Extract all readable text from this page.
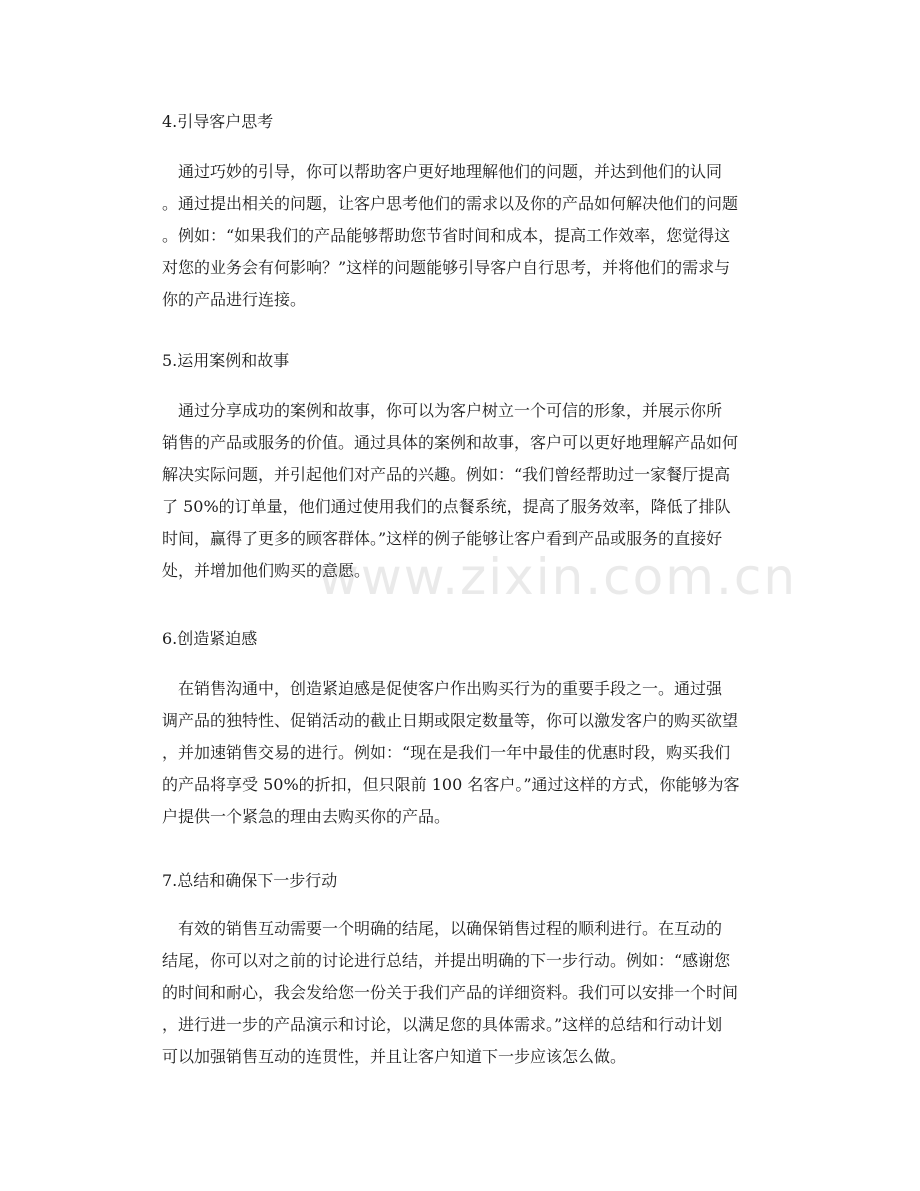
www.zixin.com.cn
4.引导客户思考
　通过巧妙的引导，你可以帮助客户更好地理解他们的问题，并达到他们的认同
。通过提出相关的问题，让客户思考他们的需求以及你的产品如何解决他们的问题
。例如：“如果我们的产品能够帮助您节省时间和成本，提高工作效率，您觉得这
对您的业务会有何影响？”这样的问题能够引导客户自行思考，并将他们的需求与
你的产品进行连接。
5.运用案例和故事
　通过分享成功的案例和故事，你可以为客户树立一个可信的形象，并展示你所
销售的产品或服务的价值。通过具体的案例和故事，客户可以更好地理解产品如何
解决实际问题，并引起他们对产品的兴趣。例如：“我们曾经帮助过一家餐厅提高
了 50%的订单量，他们通过使用我们的点餐系统，提高了服务效率，降低了排队
时间，赢得了更多的顾客群体。”这样的例子能够让客户看到产品或服务的直接好
处，并增加他们购买的意愿。
6.创造紧迫感
　在销售沟通中，创造紧迫感是促使客户作出购买行为的重要手段之一。通过强
调产品的独特性、促销活动的截止日期或限定数量等，你可以激发客户的购买欲望
，并加速销售交易的进行。例如：“现在是我们一年中最佳的优惠时段，购买我们
的产品将享受 50%的折扣，但只限前 100 名客户。”通过这样的方式，你能够为客
户提供一个紧急的理由去购买你的产品。
7.总结和确保下一步行动
　有效的销售互动需要一个明确的结尾，以确保销售过程的顺利进行。在互动的
结尾，你可以对之前的讨论进行总结，并提出明确的下一步行动。例如：“感谢您
的时间和耐心，我会发给您一份关于我们产品的详细资料。我们可以安排一个时间
，进行进一步的产品演示和讨论，以满足您的具体需求。”这样的总结和行动计划
可以加强销售互动的连贯性，并且让客户知道下一步应该怎么做。
